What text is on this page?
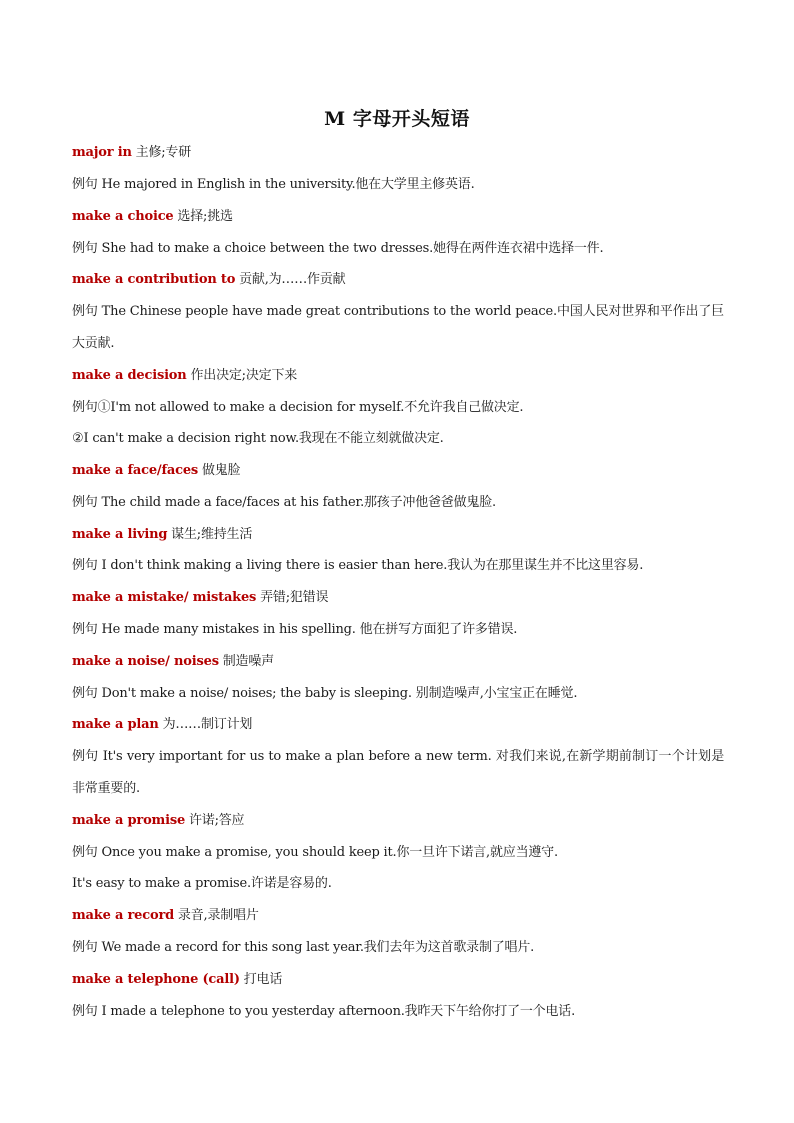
M 字母开头短语
major in 主修;专研
例句 He majored in English in the university.他在大学里主修英语.
make a choice 选择;挑选
例句 She had to make a choice between the two dresses.她得在两件连衣裙中选择一件.
make a contribution to 贡献,为……作贡献
例句 The Chinese people have made great contributions to the world peace.中国人民对世界和平作出了巨大贡献.
make a decision 作出决定;决定下来
例句①I'm not allowed to make a decision for myself.不允许我自己做决定.
②I can't make a decision right now.我现在不能立刻就做决定.
make a face/faces 做鬼脸
例句 The child made a face/faces at his father.那孩子冲他爸爸做鬼脸.
make a living 谋生;维持生活
例句 I don't think making a living there is easier than here.我认为在那里谋生并不比这里容易.
make a mistake/ mistakes 弄错;犯错误
例句 He made many mistakes in his spelling. 他在拼写方面犯了许多错误.
make a noise/ noises 制造噪声
例句 Don't make a noise/ noises; the baby is sleeping. 别制造噪声,小宝宝正在睡觉.
make a plan 为……制订计划
例句 It's very important for us to make a plan before a new term. 对我们来说,在新学期前制订一个计划是非常重要的.
make a promise 许诺;答应
例句 Once you make a promise, you should keep it.你一旦许下诺言,就应当遵守.
It's easy to make a promise.许诺是容易的.
make a record 录音,录制唱片
例句 We made a record for this song last year.我们去年为这首歌录制了唱片.
make a telephone (call) 打电话
例句 I made a telephone to you yesterday afternoon.我昨天下午给你打了一个电话.
